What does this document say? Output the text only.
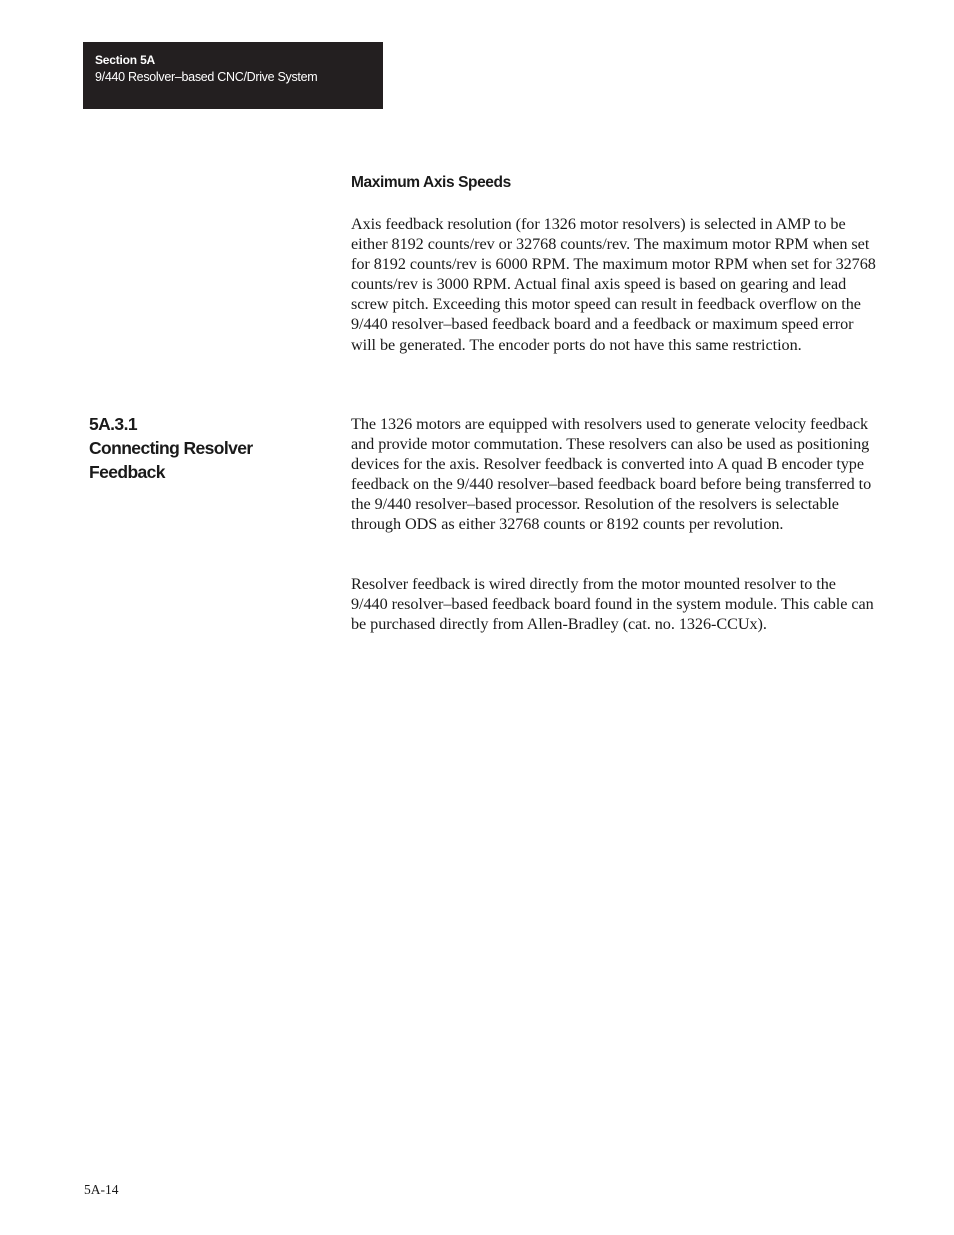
Section 5A
9/440 Resolver–based CNC/Drive System
Maximum Axis Speeds

Axis feedback resolution (for 1326 motor resolvers) is selected in AMP to be either 8192 counts/rev or 32768 counts/rev. The maximum motor RPM when set for 8192 counts/rev is 6000 RPM. The maximum motor RPM when set for 32768 counts/rev is 3000 RPM. Actual final axis speed is based on gearing and lead screw pitch. Exceeding this motor speed can result in feedback overflow on the 9/440 resolver–based feedback board and a feedback or maximum speed error will be generated. The encoder ports do not have this same restriction.

5A.3.1
Connecting Resolver
Feedback

The 1326 motors are equipped with resolvers used to generate velocity feedback and provide motor commutation. These resolvers can also be used as positioning devices for the axis. Resolver feedback is converted into A quad B encoder type feedback on the 9/440 resolver–based feedback board before being transferred to the 9/440 resolver–based processor. Resolution of the resolvers is selectable through ODS as either 32768 counts or 8192 counts per revolution.

Resolver feedback is wired directly from the motor mounted resolver to the 9/440 resolver–based feedback board found in the system module. This cable can be purchased directly from Allen-Bradley (cat. no. 1326-CCUx).

5A-14
